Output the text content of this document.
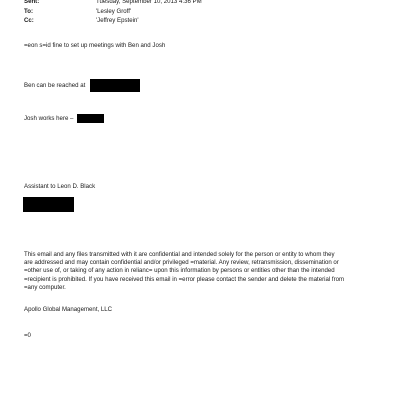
Sent:	Tuesday, September 10, 2013 4:36 PM
To:	'Lesley Groff'
Cc:	'Jeffrey Epstein'
=eon s=id fine to set up meetings with Ben and Josh
Ben can be reached at
Josh works here –
Assistant to Leon D. Black
This email and any files transmitted with it are confidential and intended solely for the person or entity to whom they
are addressed and may contain confidential and/or privileged =material. Any review, retransmission, dissemination or
=other use of, or taking of any action in relianc= upon this information by persons or entities other than the intended
=recipient is prohibited. If you have received this email in =error please contact the sender and delete the material from
=any computer.
Apollo Global Management, LLC
=0
